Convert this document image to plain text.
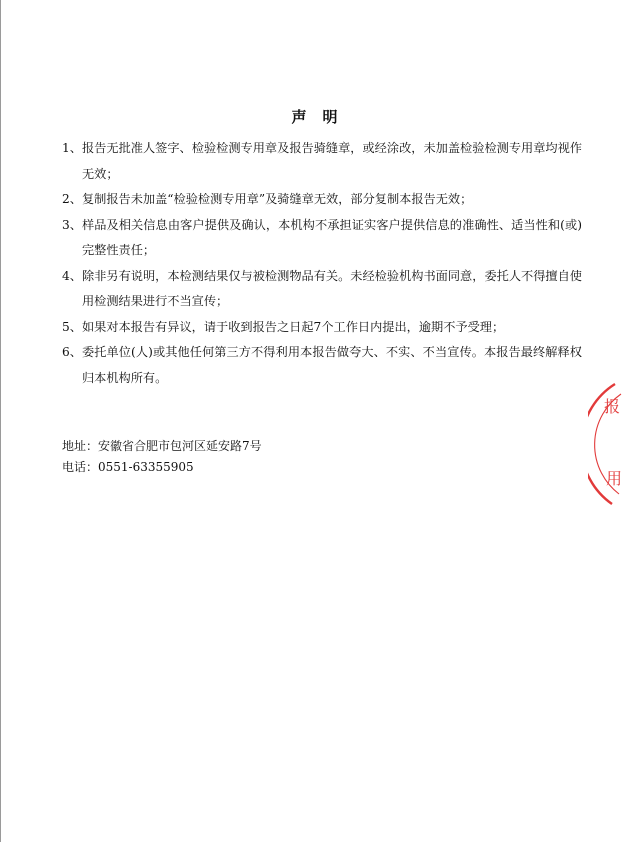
声明
1、 报告无批准人签字、检验检测专用章及报告骑缝章，或经涂改，未加盖检验检测专用章均视作无效；
2、 复制报告未加盖“检验检测专用章”及骑缝章无效，部分复制本报告无效；
3、 样品及相关信息由客户提供及确认，本机构不承担证实客户提供信息的准确性、适当性和(或)完整性责任；
4、 除非另有说明，本检测结果仅与被检测物品有关。未经检验机构书面同意，委托人不得擅自使用检测结果进行不当宣传；
5、 如果对本报告有异议，请于收到报告之日起7个工作日内提出，逾期不予受理；
6、 委托单位(人)或其他任何第三方不得利用本报告做夸大、不实、不当宣传。本报告最终解释权归本机构所有。
地址：安徽省合肥市包河区延安路7号
电话：0551-63355905
报
用
